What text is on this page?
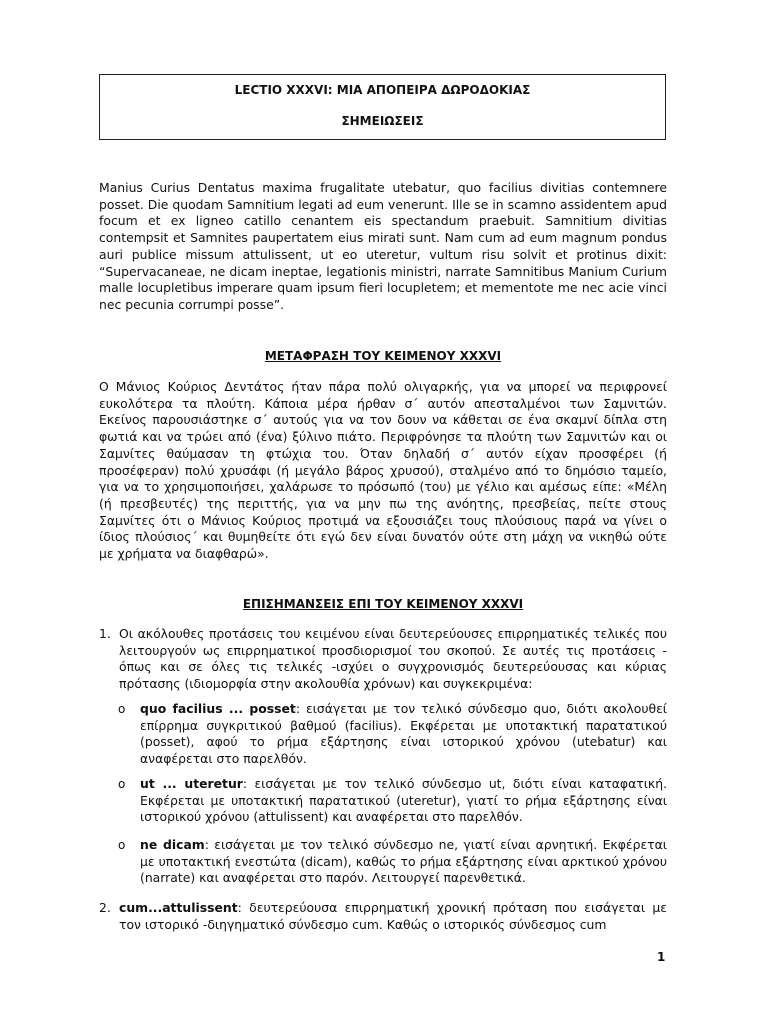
LECTIO XXXVI: ΜΙΑ ΑΠΟΠΕΙΡΑ ΔΩΡΟΔΟΚΙΑΣ
ΣΗΜΕΙΩΣΕΙΣ

Manius Curius Dentatus maxima frugalitate utebatur, quo facilius divitias contemnere posset. Die quodam Samnitium legati ad eum venerunt. Ille se in scamno assidentem apud focum et ex ligneo catillo cenantem eis spectandum praebuit. Samnitium divitias contempsit et Samnites paupertatem eius mirati sunt. Nam cum ad eum magnum pondus auri publice missum attulissent, ut eo uteretur, vultum risu solvit et protinus dixit: “Supervacaneae, ne dicam ineptae, legationis ministri, narrate Samnitibus Manium Curium malle locupletibus imperare quam ipsum fieri locupletem; et mementote me nec acie vinci nec pecunia corrumpi posse”.

ΜΕΤΑΦΡΑΣΗ ΤΟΥ ΚΕΙΜΕΝΟΥ XXXVI

Ο Μάνιος Κούριος Δεντάτος ήταν πάρα πολύ ολιγαρκής, για να μπορεί να περιφρονεί ευκολότερα τα πλούτη. Κάποια μέρα ήρθαν σ΄ αυτόν απεσταλμένοι των Σαμνιτών. Εκείνος παρουσιάστηκε σ΄ αυτούς για να τον δουν να κάθεται σε ένα σκαμνί δίπλα στη φωτιά και να τρώει από (ένα) ξύλινο πιάτο. Περιφρόνησε τα πλούτη των Σαμνιτών και οι Σαμνίτες θαύμασαν τη φτώχια του. Όταν δηλαδή σ΄ αυτόν είχαν προσφέρει (ή προσέφεραν) πολύ χρυσάφι (ή μεγάλο βάρος χρυσού), σταλμένο από το δημόσιο ταμείο, για να το χρησιμοποιήσει, χαλάρωσε το πρόσωπό (του) με γέλιο και αμέσως είπε: «Μέλη (ή πρεσβευτές) της περιττής, για να μην πω της ανόητης, πρεσβείας, πείτε στους Σαμνίτες ότι ο Μάνιος Κούριος προτιμά να εξουσιάζει τους πλούσιους παρά να γίνει ο ίδιος πλούσιος΄ και θυμηθείτε ότι εγώ δεν είναι δυνατόν ούτε στη μάχη να νικηθώ ούτε με χρήματα να διαφθαρώ».

ΕΠΙΣΗΜΑΝΣΕΙΣ ΕΠΙ ΤΟΥ ΚΕΙΜΕΝΟΥ XXXVI
1. Οι ακόλουθες προτάσεις του κειμένου είναι δευτερεύουσες επιρρηματικές τελικές που λειτουργούν ως επιρρηματικοί προσδιορισμοί του σκοπού. Σε αυτές τις προτάσεις - όπως και σε όλες τις τελικές -ισχύει ο συγχρονισμός δευτερεύουσας και κύριας πρότασης (ιδιομορφία στην ακολουθία χρόνων) και συγκεκριμένα:
o quo facilius ... posset: εισάγεται με τον τελικό σύνδεσμο quo, διότι ακολουθεί επίρρημα συγκριτικού βαθμού (facilius). Εκφέρεται με υποτακτική παρατατικού (posset), αφού το ρήμα εξάρτησης είναι ιστορικού χρόνου (utebatur) και αναφέρεται στο παρελθόν.
o ut ... uteretur: εισάγεται με τον τελικό σύνδεσμο ut, διότι είναι καταφατική. Εκφέρεται με υποτακτική παρατατικού (uteretur), γιατί το ρήμα εξάρτησης είναι ιστορικού χρόνου (attulissent) και αναφέρεται στο παρελθόν.
o ne dicam: εισάγεται με τον τελικό σύνδεσμο ne, γιατί είναι αρνητική. Εκφέρεται με υποτακτική ενεστώτα (dicam), καθώς το ρήμα εξάρτησης είναι αρκτικού χρόνου (narrate) και αναφέρεται στο παρόν. Λειτουργεί παρενθετικά.
2. cum...attulissent: δευτερεύουσα επιρρηματική χρονική πρόταση που εισάγεται με τον ιστορικό -διηγηματικό σύνδεσμο cum. Καθώς ο ιστορικός σύνδεσμος cum
1
